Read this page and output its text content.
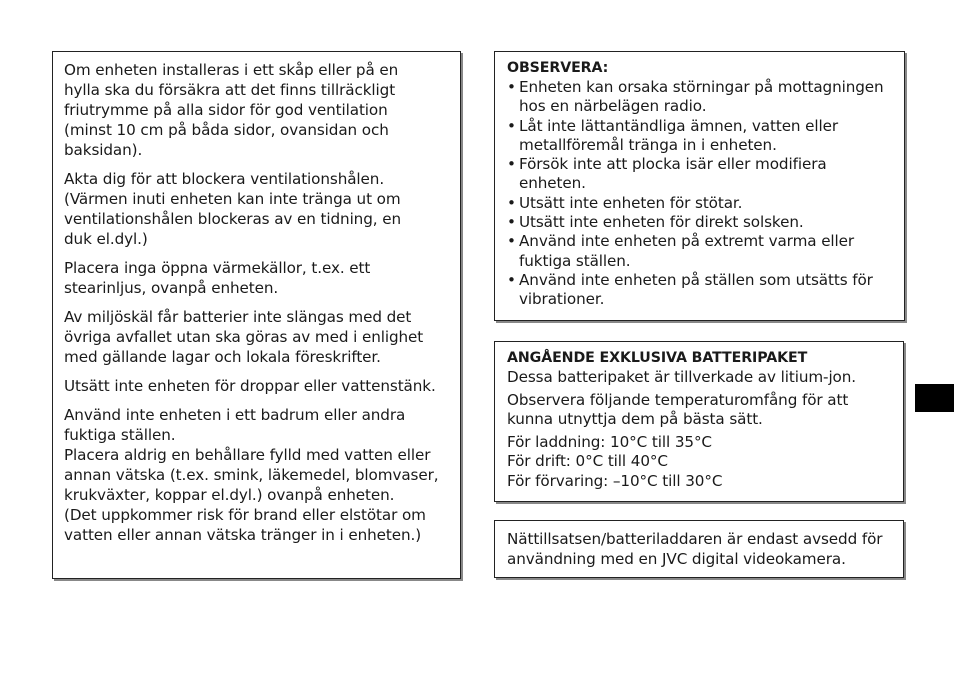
Om enheten installeras i ett skåp eller på en
hylla ska du försäkra att det finns tillräckligt
friutrymme på alla sidor för god ventilation
(minst 10 cm på båda sidor, ovansidan och
baksidan).

Akta dig för att blockera ventilationshålen.
(Värmen inuti enheten kan inte tränga ut om
ventilationshålen blockeras av en tidning, en
duk el.dyl.)

Placera inga öppna värmekällor, t.ex. ett
stearinljus, ovanpå enheten.

Av miljöskäl får batterier inte slängas med det
övriga avfallet utan ska göras av med i enlighet
med gällande lagar och lokala föreskrifter.

Utsätt inte enheten för droppar eller vattenstänk.

Använd inte enheten i ett badrum eller andra
fuktiga ställen.

Placera aldrig en behållare fylld med vatten eller
annan vätska (t.ex. smink, läkemedel, blomvaser,
krukväxter, koppar el.dyl.) ovanpå enheten.

(Det uppkommer risk för brand eller elstötar om
vatten eller annan vätska tränger in i enheten.)

OBSERVERA:
• Enheten kan orsaka störningar på mottagningen
hos en närbelägen radio.
• Låt inte lättantändliga ämnen, vatten eller
metallföremål tränga in i enheten.
• Försök inte att plocka isär eller modifiera
enheten.
• Utsätt inte enheten för stötar.
• Utsätt inte enheten för direkt solsken.
• Använd inte enheten på extremt varma eller
fuktiga ställen.
• Använd inte enheten på ställen som utsätts för
vibrationer.
ANGÅENDE EXKLUSIVA BATTERIPAKET
Dessa batteripaket är tillverkade av litium-jon.
Observera följande temperaturomfång för att
kunna utnyttja dem på bästa sätt.
För laddning: 10°C till 35°C
För drift: 0°C till 40°C
För förvaring: –10°C till 30°C
Nättillsatsen/batteriladdaren är endast avsedd för
användning med en JVC digital videokamera.
